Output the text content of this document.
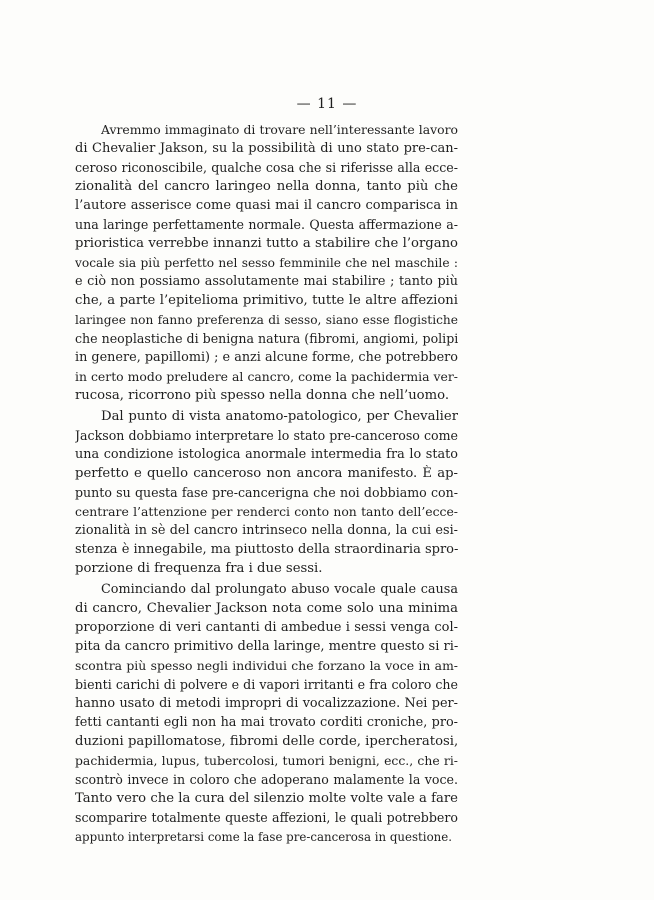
— 11 —
Avremmo immaginato di trovare nell’interessante lavoro
di Chevalier Jakson, su la possibilità di uno stato pre-can-
ceroso riconoscibile, qualche cosa che si riferisse alla ecce-
zionalità del cancro laringeo nella donna, tanto più che
l’autore asserisce come quasi mai il cancro comparisca in
una laringe perfettamente normale. Questa affermazione a-
prioristica verrebbe innanzi tutto a stabilire che l’organo
vocale sia più perfetto nel sesso femminile che nel maschile :
e ciò non possiamo assolutamente mai stabilire ; tanto più
che, a parte l’epitelioma primitivo, tutte le altre affezioni
laringee non fanno preferenza di sesso, siano esse flogistiche
che neoplastiche di benigna natura (fibromi, angiomi, polipi
in genere, papillomi) ; e anzi alcune forme, che potrebbero
in certo modo preludere al cancro, come la pachidermia ver-
rucosa, ricorrono più spesso nella donna che nell’uomo.
Dal punto di vista anatomo-patologico, per Chevalier
Jackson dobbiamo interpretare lo stato pre-canceroso come
una condizione istologica anormale intermedia fra lo stato
perfetto e quello canceroso non ancora manifesto. È ap-
punto su questa fase pre-cancerigna che noi dobbiamo con-
centrare l’attenzione per renderci conto non tanto dell’ecce-
zionalità in sè del cancro intrinseco nella donna, la cui esi-
stenza è innegabile, ma piuttosto della straordinaria spro-
porzione di frequenza fra i due sessi.
Cominciando dal prolungato abuso vocale quale causa
di cancro, Chevalier Jackson nota come solo una minima
proporzione di veri cantanti di ambedue i sessi venga col-
pita da cancro primitivo della laringe, mentre questo si ri-
scontra più spesso negli individui che forzano la voce in am-
bienti carichi di polvere e di vapori irritanti e fra coloro che
hanno usato di metodi impropri di vocalizzazione. Nei per-
fetti cantanti egli non ha mai trovato corditi croniche, pro-
duzioni papillomatose, fibromi delle corde, ipercheratosi,
pachidermia, lupus, tubercolosi, tumori benigni, ecc., che ri-
scontrò invece in coloro che adoperano malamente la voce.
Tanto vero che la cura del silenzio molte volte vale a fare
scomparire totalmente queste affezioni, le quali potrebbero
appunto interpretarsi come la fase pre-cancerosa in questione.
